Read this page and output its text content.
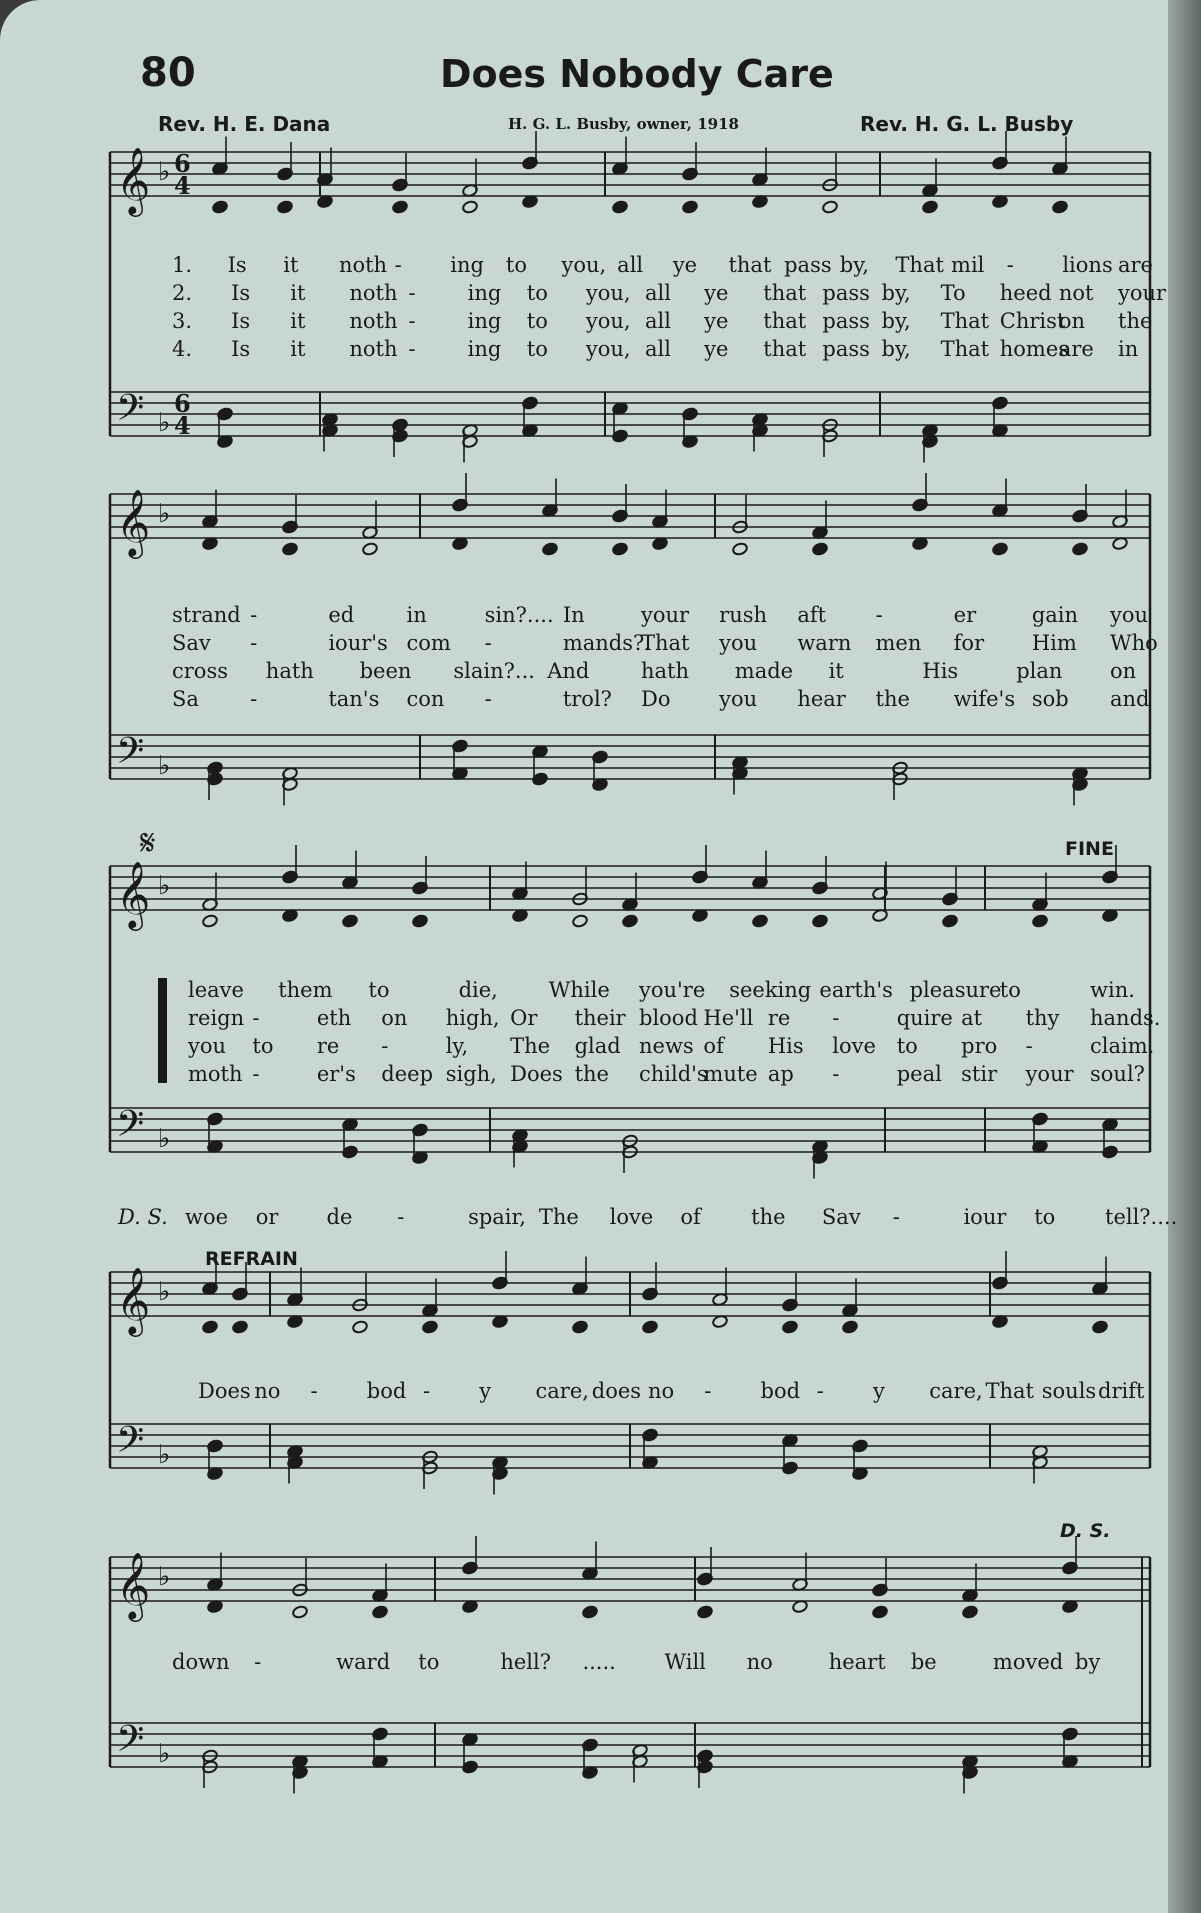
80	Does Nobody Care
Rev. H. E. Dana	H. G. L. Busby, owner, 1918	Rev. H. G. L. Busby
𝄞 ♭ 6
4
𝄢 ♭
6
4
𝄞 ♭
𝄢 ♭
𝄞 ♭
𝄢 ♭
𝄋
𝄞 ♭
𝄢 ♭
𝄞 ♭
𝄢 ♭
1. Is it noth - ing to you, all ye that pass by, That mil - lions are
2. Is it noth - ing to you, all ye that pass by, To heed not your
3. Is it noth - ing to you, all ye that pass by, That Christ
on the
4. Is it noth - ing to you, all ye that pass by, That homes
are in
strand -	ed in	sin?.... In	your rush aft -	er	gain you
Sav -	iour's com -	mands?.
That you warn men for Him Who
cross hath been slain?... And hath made it	His	plan on
Sa -	tan's con -	trol? Do you hear the wife's sob and
leave them to	die, While you're seeking earth's pleasure
to	win.
reign -	eth on high, Or their blood He'll re -	quire at thy hands.
you to re -	ly, The glad news of His love to pro -	claim.
moth -	er's deep sigh, Does the child's
mute ap -	peal stir your soul?
FINE
D. S. woe or de -	spair, The love of the Sav -	iour to tell?....
Does no - bod - y care, does no - bod - y care, That souls drift
REFRAIN
down -	ward to	hell? ..... Will no	heart be	moved by
D. S.
